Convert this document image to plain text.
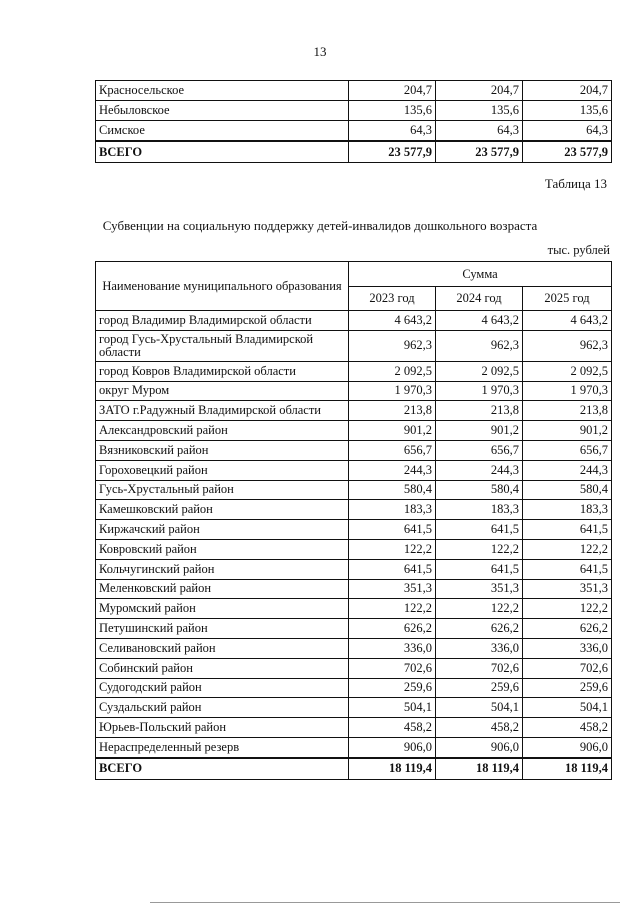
13
Красносельское	204,7	204,7	204,7
Небыловское	135,6	135,6	135,6
Симское	64,3	64,3	64,3
ВСЕГО	23 577,9	23 577,9	23 577,9
Таблица 13
Субвенции на социальную поддержку детей-инвалидов дошкольного возраста
тыс. рублей
Наименование муниципального образования	Сумма		
	2023 год	2024 год	2025 год
город Владимир Владимирской области	4 643,2	4 643,2	4 643,2
город Гусь-Хрустальный Владимирской области	962,3	962,3	962,3
город Ковров Владимирской области	2 092,5	2 092,5	2 092,5
округ Муром	1 970,3	1 970,3	1 970,3
ЗАТО г.Радужный Владимирской области	213,8	213,8	213,8
Александровский район	901,2	901,2	901,2
Вязниковский район	656,7	656,7	656,7
Гороховецкий район	244,3	244,3	244,3
Гусь-Хрустальный район	580,4	580,4	580,4
Камешковский район	183,3	183,3	183,3
Киржачский район	641,5	641,5	641,5
Ковровский район	122,2	122,2	122,2
Кольчугинский район	641,5	641,5	641,5
Меленковский район	351,3	351,3	351,3
Муромский район	122,2	122,2	122,2
Петушинский район	626,2	626,2	626,2
Селивановский район	336,0	336,0	336,0
Собинский район	702,6	702,6	702,6
Судогодский район	259,6	259,6	259,6
Суздальский район	504,1	504,1	504,1
Юрьев-Польский район	458,2	458,2	458,2
Нераспределенный резерв	906,0	906,0	906,0
ВСЕГО	18 119,4	18 119,4	18 119,4
